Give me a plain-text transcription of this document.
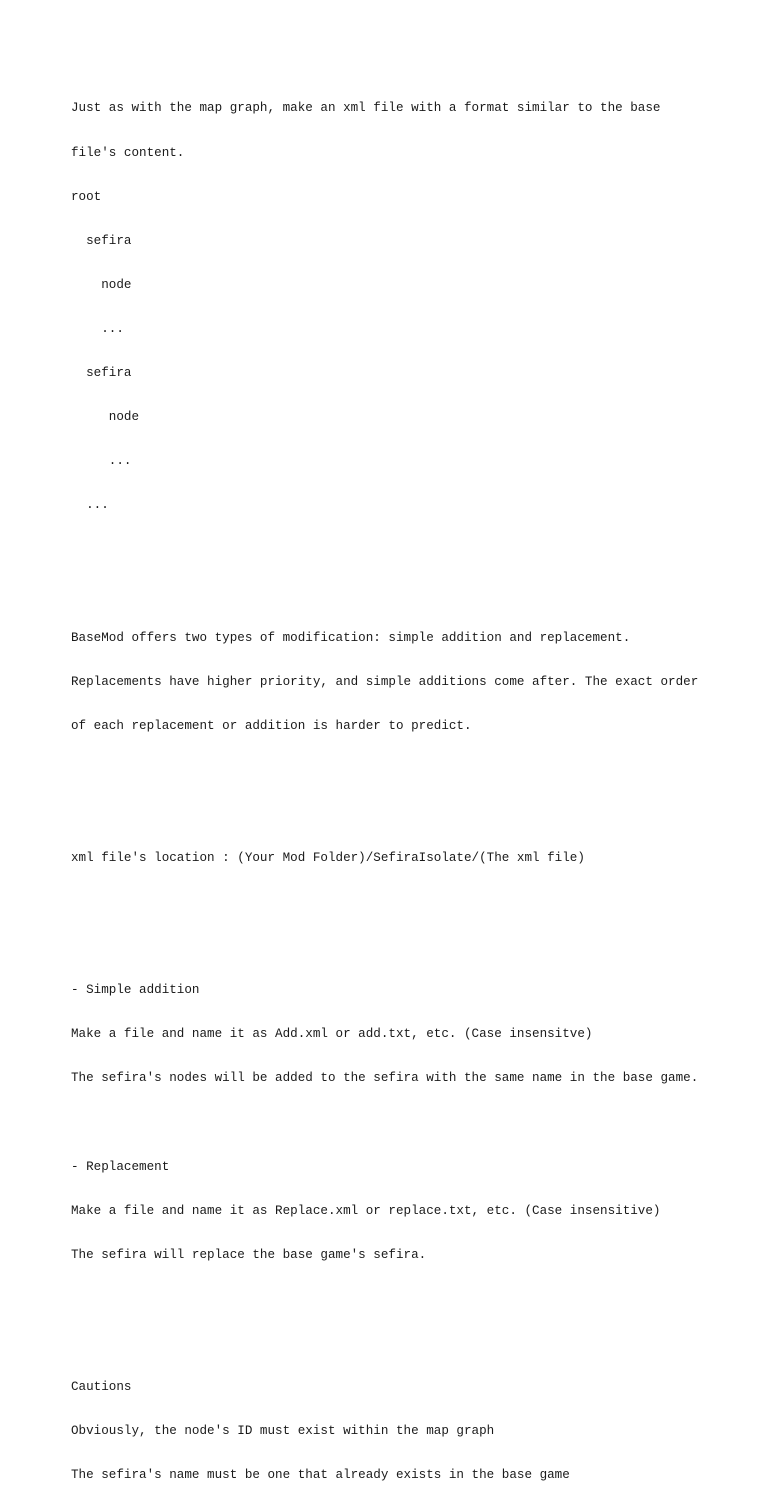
Just as with the map graph, make an xml file with a format similar to the base

file's content.

root

sefira

node

...

sefira

node

...

...

BaseMod offers two types of modification: simple addition and replacement.

Replacements have higher priority, and simple additions come after. The exact order

of each replacement or addition is harder to predict.

xml file's location : (Your Mod Folder)/SefiraIsolate/(The xml file)

- Simple addition

Make a file and name it as Add.xml or add.txt, etc. (Case insensitve)

The sefira's nodes will be added to the sefira with the same name in the base game.

- Replacement

Make a file and name it as Replace.xml or replace.txt, etc. (Case insensitive)

The sefira will replace the base game's sefira.

Cautions

Obviously, the node's ID must exist within the map graph

The sefira's name must be one that already exists in the base game
